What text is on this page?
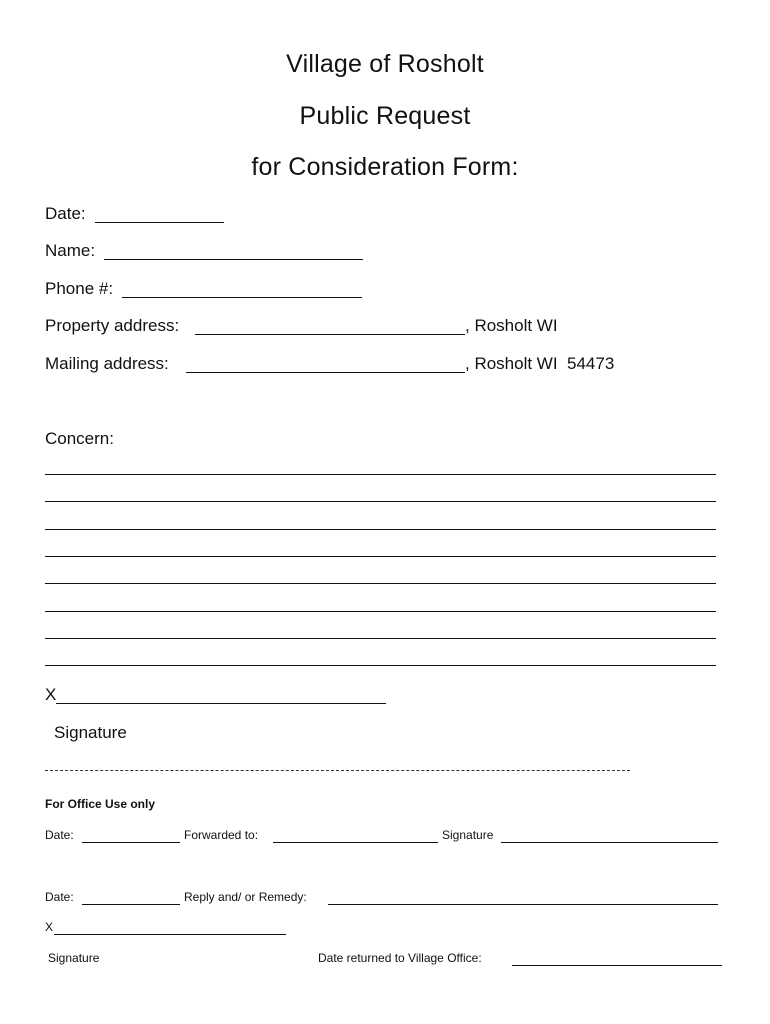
Village of Rosholt
Public Request
for Consideration Form:
Date:
Name:
Phone #:
Property address:	, Rosholt WI
Mailing address:	, Rosholt WI  54473
Concern:
X
Signature
For Office Use only
Date:	Forwarded to:	Signature
Date:	Reply and/ or Remedy:
X
Signature	Date returned to Village Office:
